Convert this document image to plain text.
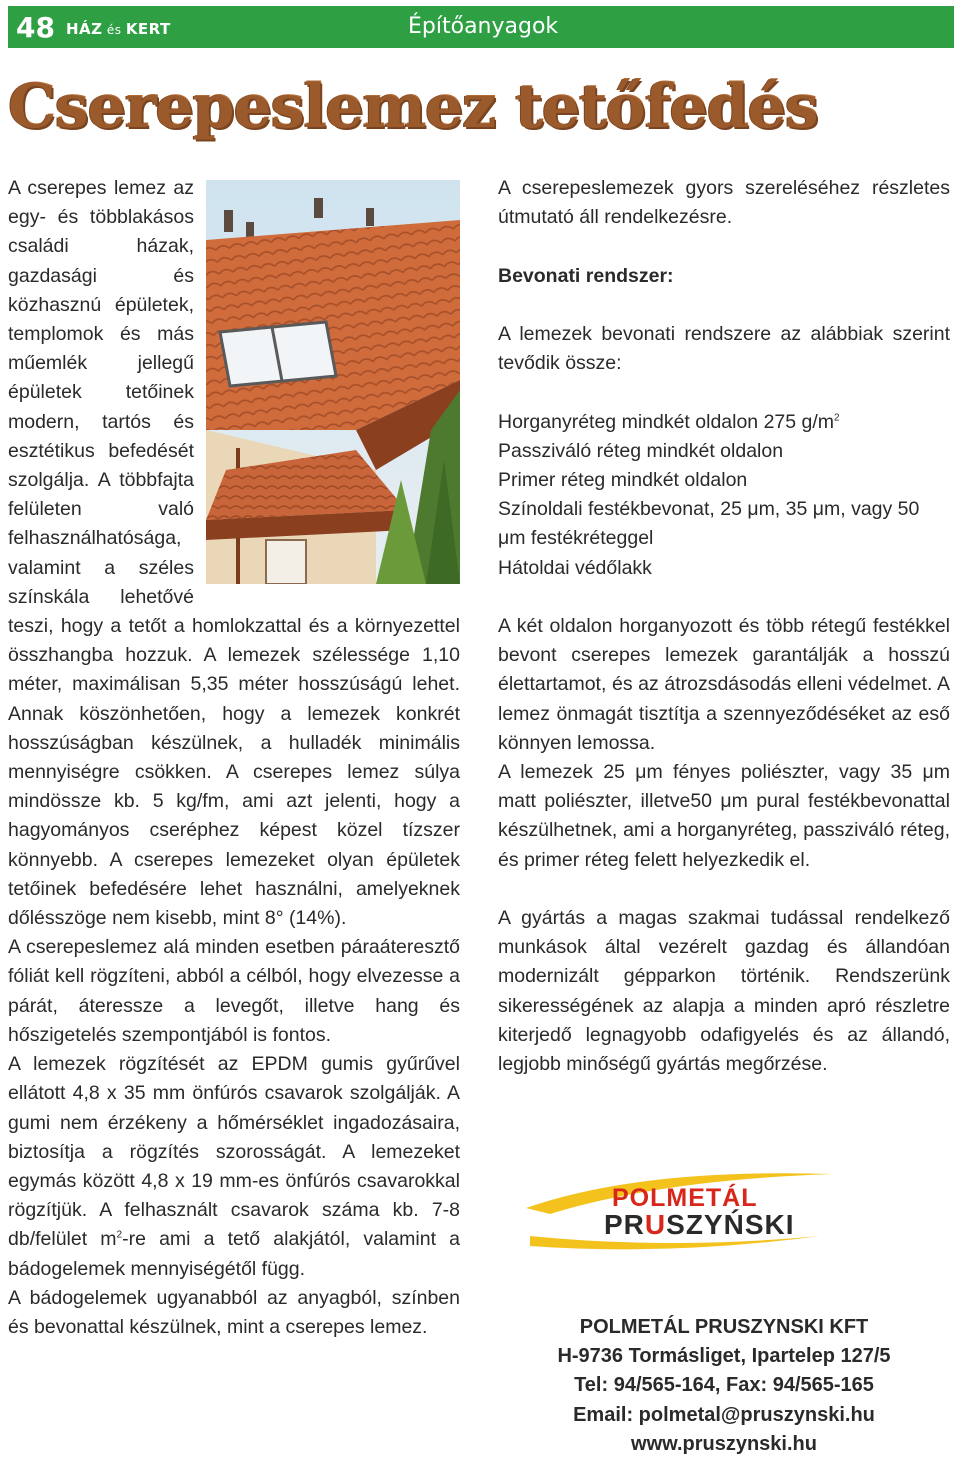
48 HÁZ és KERT	Építőanyagok
Cserepeslemez tetőfedés

A cserepes lemez az egy- és többlakásos családi házak, gazdasági és közhasznú épületek, templomok és más műemlék jellegű épületek tetőinek modern, tartós és esztétikus befedését szolgálja. A többfajta felületen való felhasználhatósága, valamint a széles színskála lehetővé teszi, hogy a tetőt a homlokzattal és a környezettel összhangba hozzuk. A lemezek szélessége 1,10 méter, maximálisan 5,35 méter hosszúságú lehet. Annak köszönhetően, hogy a lemezek konkrét hosszúságban készülnek, a hulladék minimális mennyiségre csökken. A cserepes lemez súlya mindössze kb. 5 kg/fm, ami azt jelenti, hogy a hagyományos cseréphez képest közel tízszer könnyebb. A cserepes lemezeket olyan épületek tetőinek befedésére lehet használni, amelyeknek dőlésszöge nem kisebb, mint 8° (14%).

A cserepeslemez alá minden esetben páraáteresztő fóliát kell rögzíteni, abból a célból, hogy elvezesse a párát, áteressze a levegőt, illetve hang és hőszigetelés szempontjából is fontos.

A lemezek rögzítését az EPDM gumis gyűrűvel ellátott 4,8 x 35 mm önfúrós csavarok szolgálják. A gumi nem érzékeny a hőmérséklet ingadozásaira, biztosítja a rögzítés szorosságát. A lemezeket egymás között 4,8 x 19 mm-es önfúrós csavarokkal rögzítjük. A felhasznált csavarok száma kb. 7-8 db/felület $m^2-re$ ami a tető alakjától, valamint a bádogelemek mennyiségétől függ.

A bádogelemek ugyanabból az anyagból, színben és bevonattal készülnek, mint a cserepes lemez.

A cserepeslemezek gyors szereléséhez részletes útmutató áll rendelkezésre.

Bevonati rendszer:

A lemezek bevonati rendszere az alábbiak szerint tevődik össze:

Horganyréteg mindkét oldalon 275 $g/m^2$

Passziváló réteg mindkét oldalon

Primer réteg mindkét oldalon

Színoldali festékbevonat, 25 μm, 35 μm, vagy 50 μm festékréteggel

Hátoldai védőlakk

A két oldalon horganyozott és több rétegű festékkel bevont cserepes lemezek garantálják a hosszú élettartamot, és az átrozsdásodás elleni védelmet. A lemez önmagát tisztítja a szennyeződéséket az eső könnyen lemossa.

A lemezek 25 μm fényes poliészter, vagy 35 μm matt poliészter, illetve50 μm pural festékbevonattal készülhetnek, ami a horganyréteg, passziváló réteg, és primer réteg felett helyezkedik el.

A gyártás a magas szakmai tudással rendelkező munkások által vezérelt gazdag és állandóan modernizált gépparkon történik. Rendszerünk sikerességének az alapja a minden apró részletre kiterjedő legnagyobb odafigyelés és az állandó, legjobb minőségű gyártás megőrzése.

POLMETÁL
PRUSZYŃSKI

POLMETÁL PRUSZYNSKI KFT

H-9736 Tormásliget, Ipartelep 127/5

Tel: 94/565-164, Fax: 94/565-165

Email: polmetal@pruszynski.hu

www.pruszynski.hu
